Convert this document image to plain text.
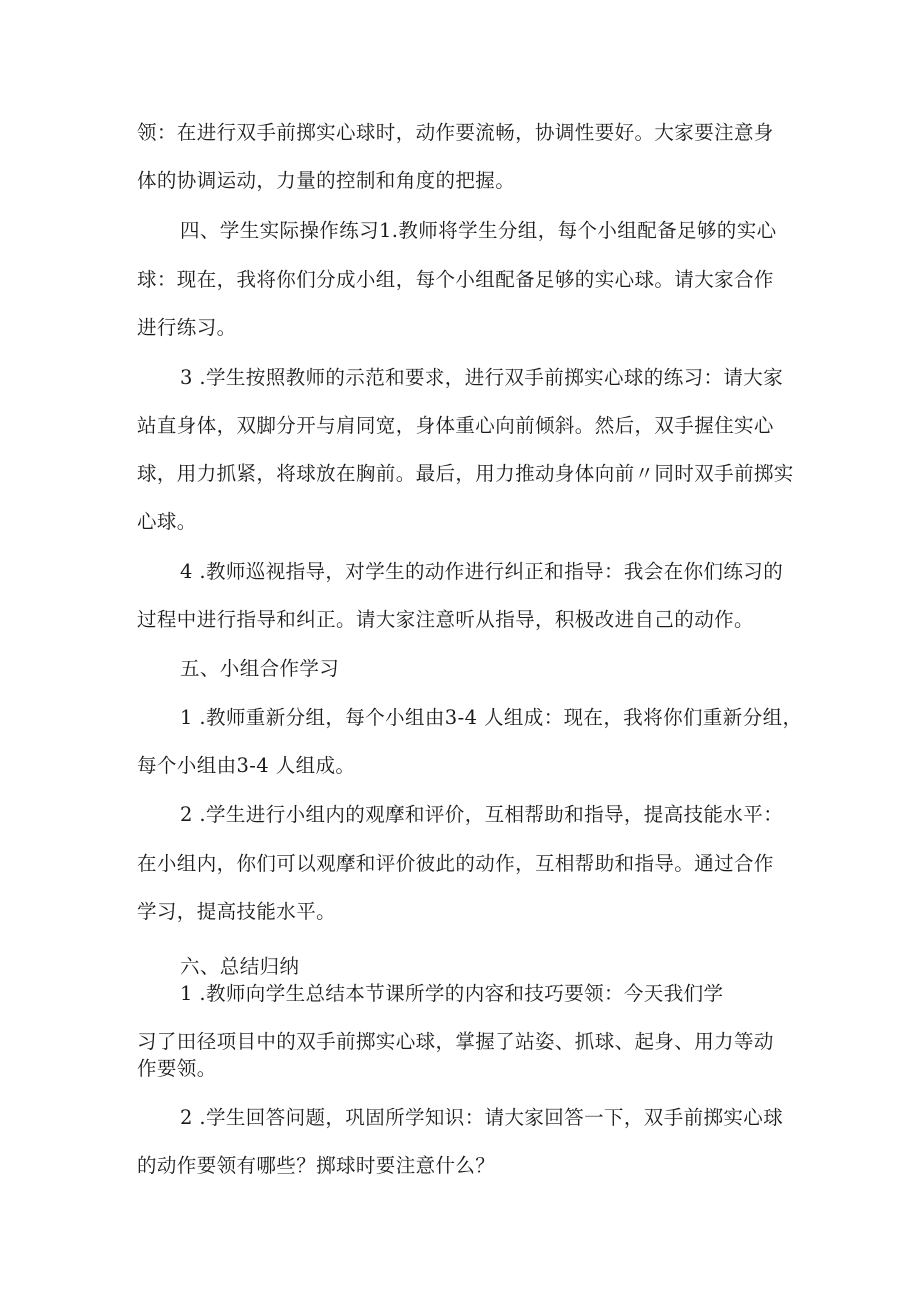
领：在进行双手前掷实心球时，动作要流畅，协调性要好。大家要注意身
体的协调运动，力量的控制和角度的把握。
四、学生实际操作练习1.教师将学生分组，每个小组配备足够的实心
球：现在，我将你们分成小组，每个小组配备足够的实心球。请大家合作
进行练习。
3 .学生按照教师的示范和要求，进行双手前掷实心球的练习：请大家
站直身体，双脚分开与肩同宽，身体重心向前倾斜。然后，双手握住实心
球，用力抓紧，将球放在胸前。最后，用力推动身体向前〃同时双手前掷实
心球。
4 .教师巡视指导，对学生的动作进行纠正和指导：我会在你们练习的
过程中进行指导和纠正。请大家注意听从指导，积极改进自己的动作。
五、小组合作学习
1 .教师重新分组，每个小组由3-4 人组成：现在，我将你们重新分组，
每个小组由3-4 人组成。
2 .学生进行小组内的观摩和评价，互相帮助和指导，提高技能水平：
在小组内，你们可以观摩和评价彼此的动作，互相帮助和指导。通过合作
学习，提高技能水平。
六、总结归纳
1 .教师向学生总结本节课所学的内容和技巧要领：今天我们学
习了田径项目中的双手前掷实心球，掌握了站姿、抓球、起身、用力等动
作要领。
2 .学生回答问题，巩固所学知识：请大家回答一下，双手前掷实心球
的动作要领有哪些？掷球时要注意什么？
